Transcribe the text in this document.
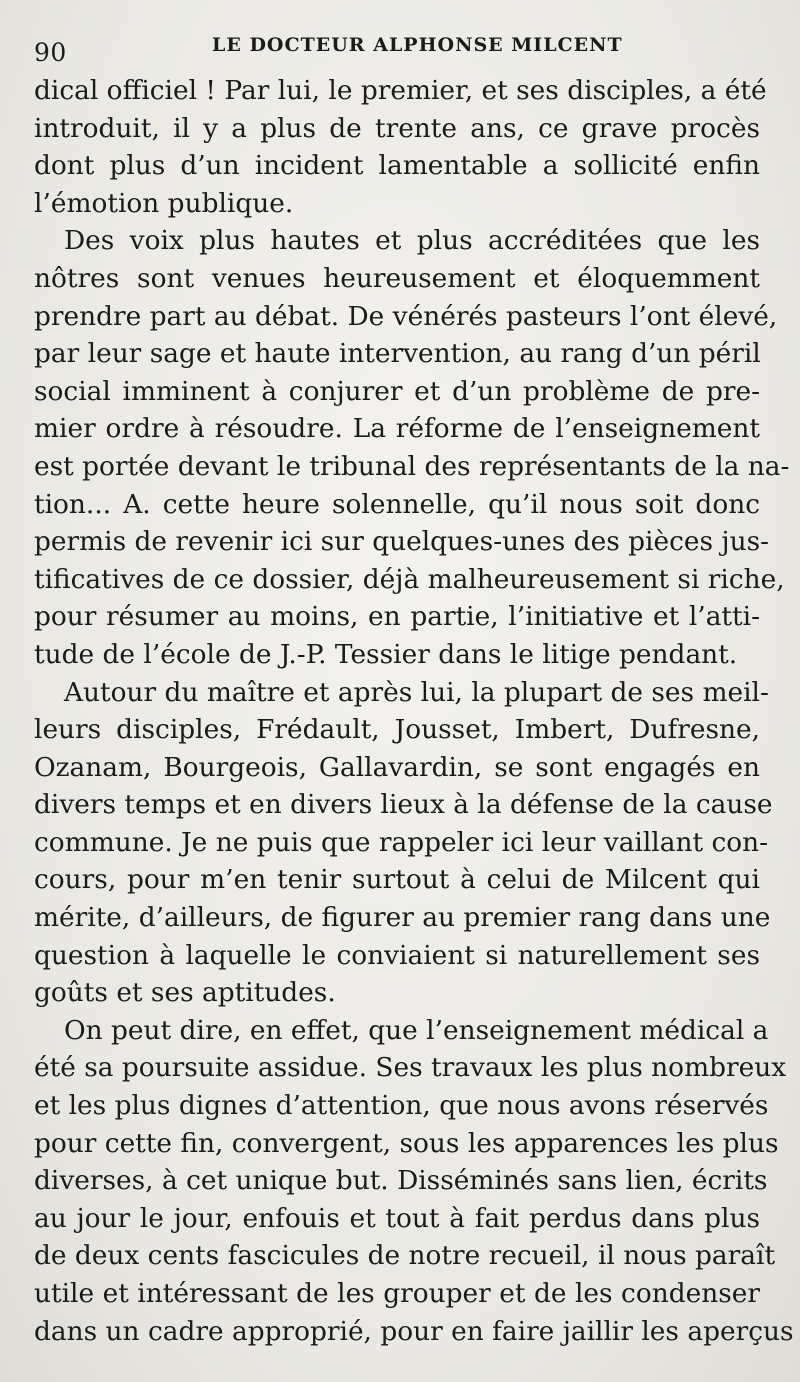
90	LE DOCTEUR ALPHONSE MILCENT
dical officiel ! Par lui, le premier, et ses disciples, a été
introduit, il y a plus de trente ans, ce grave procès
dont plus d’un incident lamentable a sollicité enfin
l’émotion publique.
Des voix plus hautes et plus accréditées que les
nôtres sont venues heureusement et éloquemment
prendre part au débat. De vénérés pasteurs l’ont élevé,
par leur sage et haute intervention, au rang d’un péril
social imminent à conjurer et d’un problème de pre-
mier ordre à résoudre. La réforme de l’enseignement
est portée devant le tribunal des représentants de la na-
tion... A. cette heure solennelle, qu’il nous soit donc
permis de revenir ici sur quelques-unes des pièces jus-
tificatives de ce dossier, déjà malheureusement si riche,
pour résumer au moins, en partie, l’initiative et l’atti-
tude de l’école de J.-P. Tessier dans le litige pendant.
Autour du maître et après lui, la plupart de ses meil-
leurs disciples, Frédault, Jousset, Imbert, Dufresne,
Ozanam, Bourgeois, Gallavardin, se sont engagés en
divers temps et en divers lieux à la défense de la cause
commune. Je ne puis que rappeler ici leur vaillant con-
cours, pour m’en tenir surtout à celui de Milcent qui
mérite, d’ailleurs, de figurer au premier rang dans une
question à laquelle le conviaient si naturellement ses
goûts et ses aptitudes.
On peut dire, en effet, que l’enseignement médical a
été sa poursuite assidue. Ses travaux les plus nombreux
et les plus dignes d’attention, que nous avons réservés
pour cette fin, convergent, sous les apparences les plus
diverses, à cet unique but. Disséminés sans lien, écrits
au jour le jour, enfouis et tout à fait perdus dans plus
de deux cents fascicules de notre recueil, il nous paraît
utile et intéressant de les grouper et de les condenser
dans un cadre approprié, pour en faire jaillir les aperçus
